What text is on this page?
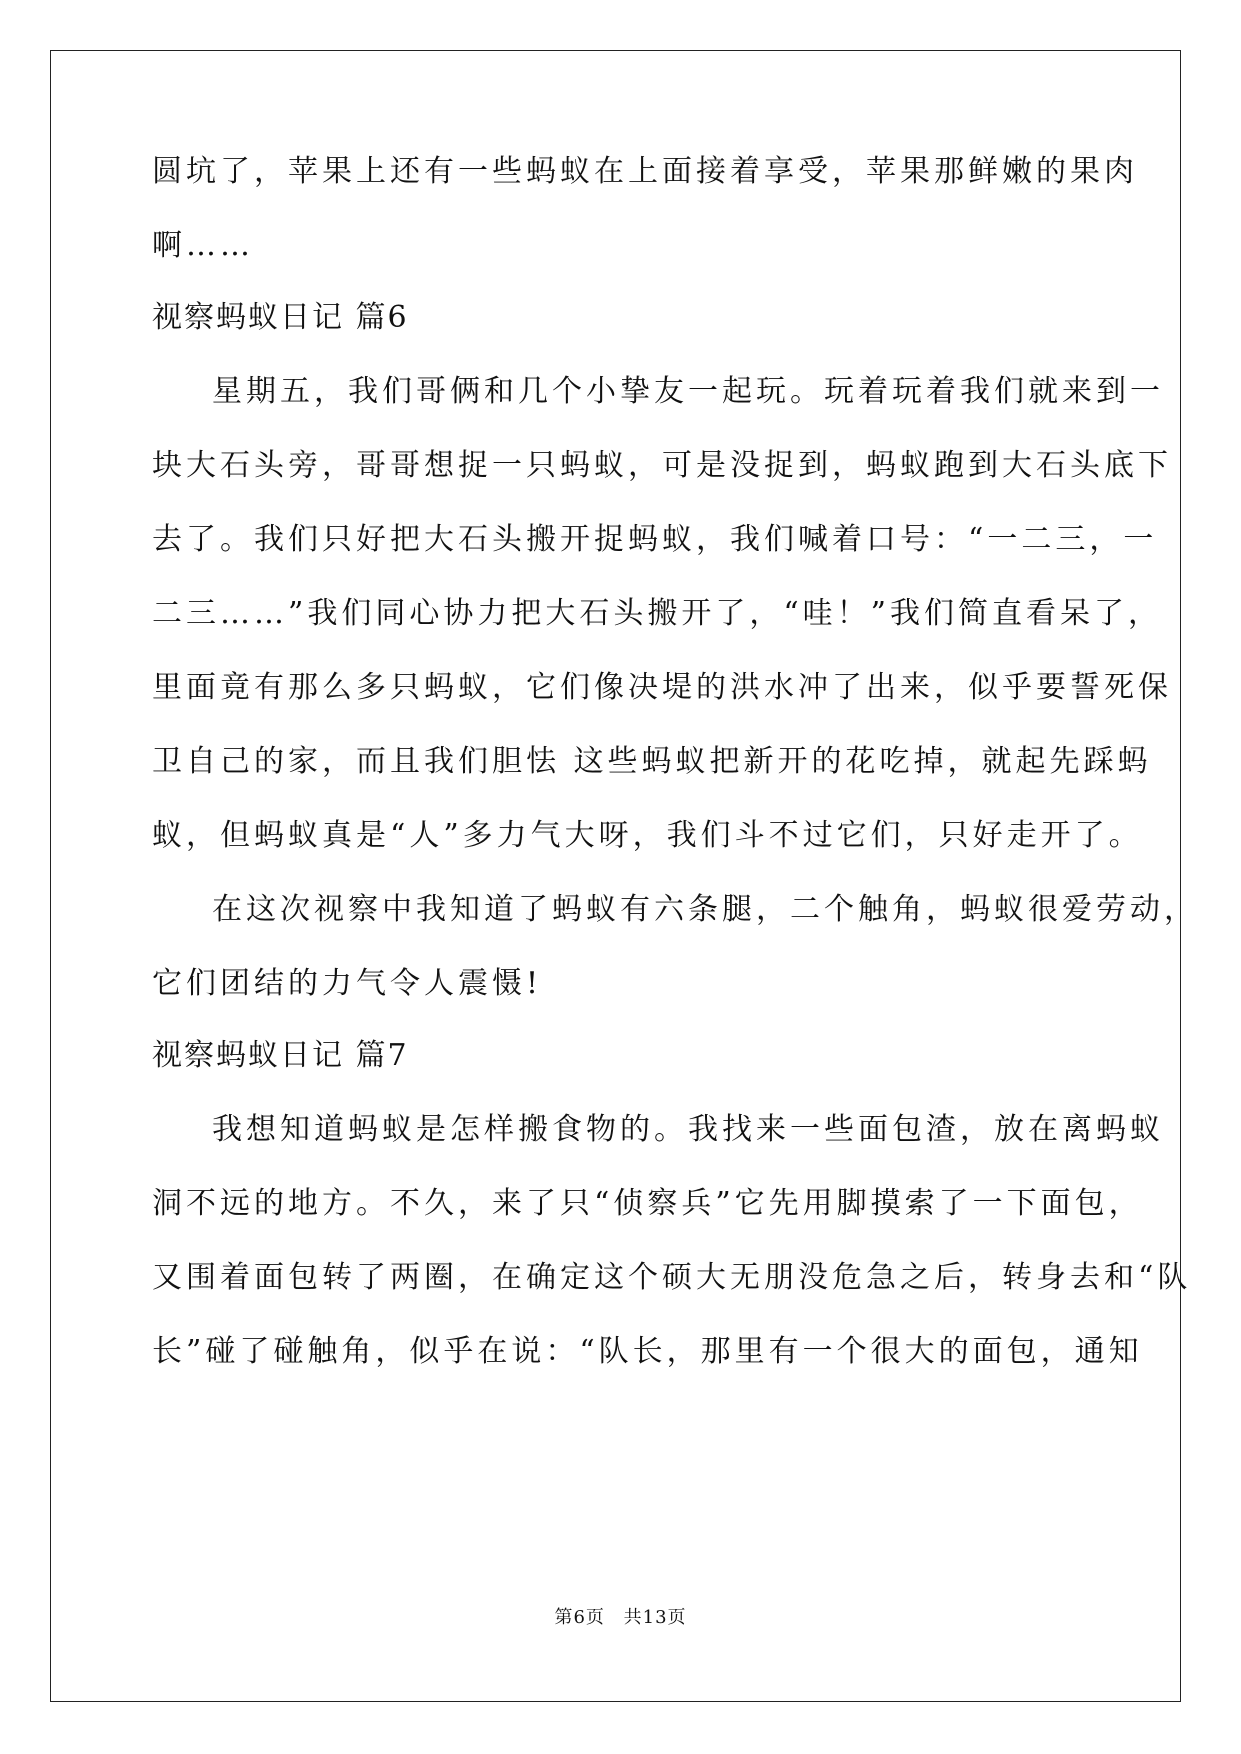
圆坑了，苹果上还有一些蚂蚁在上面接着享受，苹果那鲜嫩的果肉
啊……
视察蚂蚁日记 篇6
星期五，我们哥俩和几个小挚友一起玩。玩着玩着我们就来到一
块大石头旁，哥哥想捉一只蚂蚁，可是没捉到，蚂蚁跑到大石头底下
去了。我们只好把大石头搬开捉蚂蚁，我们喊着口号：“一二三，一
二三……”我们同心协力把大石头搬开了，“哇！”我们简直看呆了，
里面竟有那么多只蚂蚁，它们像决堤的洪水冲了出来，似乎要誓死保
卫自己的家，而且我们胆怯 这些蚂蚁把新开的花吃掉，就起先踩蚂
蚁，但蚂蚁真是“人”多力气大呀，我们斗不过它们，只好走开了。
在这次视察中我知道了蚂蚁有六条腿，二个触角，蚂蚁很爱劳动，
它们团结的力气令人震慑!
视察蚂蚁日记 篇7
我想知道蚂蚁是怎样搬食物的。我找来一些面包渣，放在离蚂蚁
洞不远的地方。不久，来了只“侦察兵”它先用脚摸索了一下面包，
又围着面包转了两圈，在确定这个硕大无朋没危急之后，转身去和“队
长”碰了碰触角，似乎在说：“队长，那里有一个很大的面包，通知
第6页 共13页
